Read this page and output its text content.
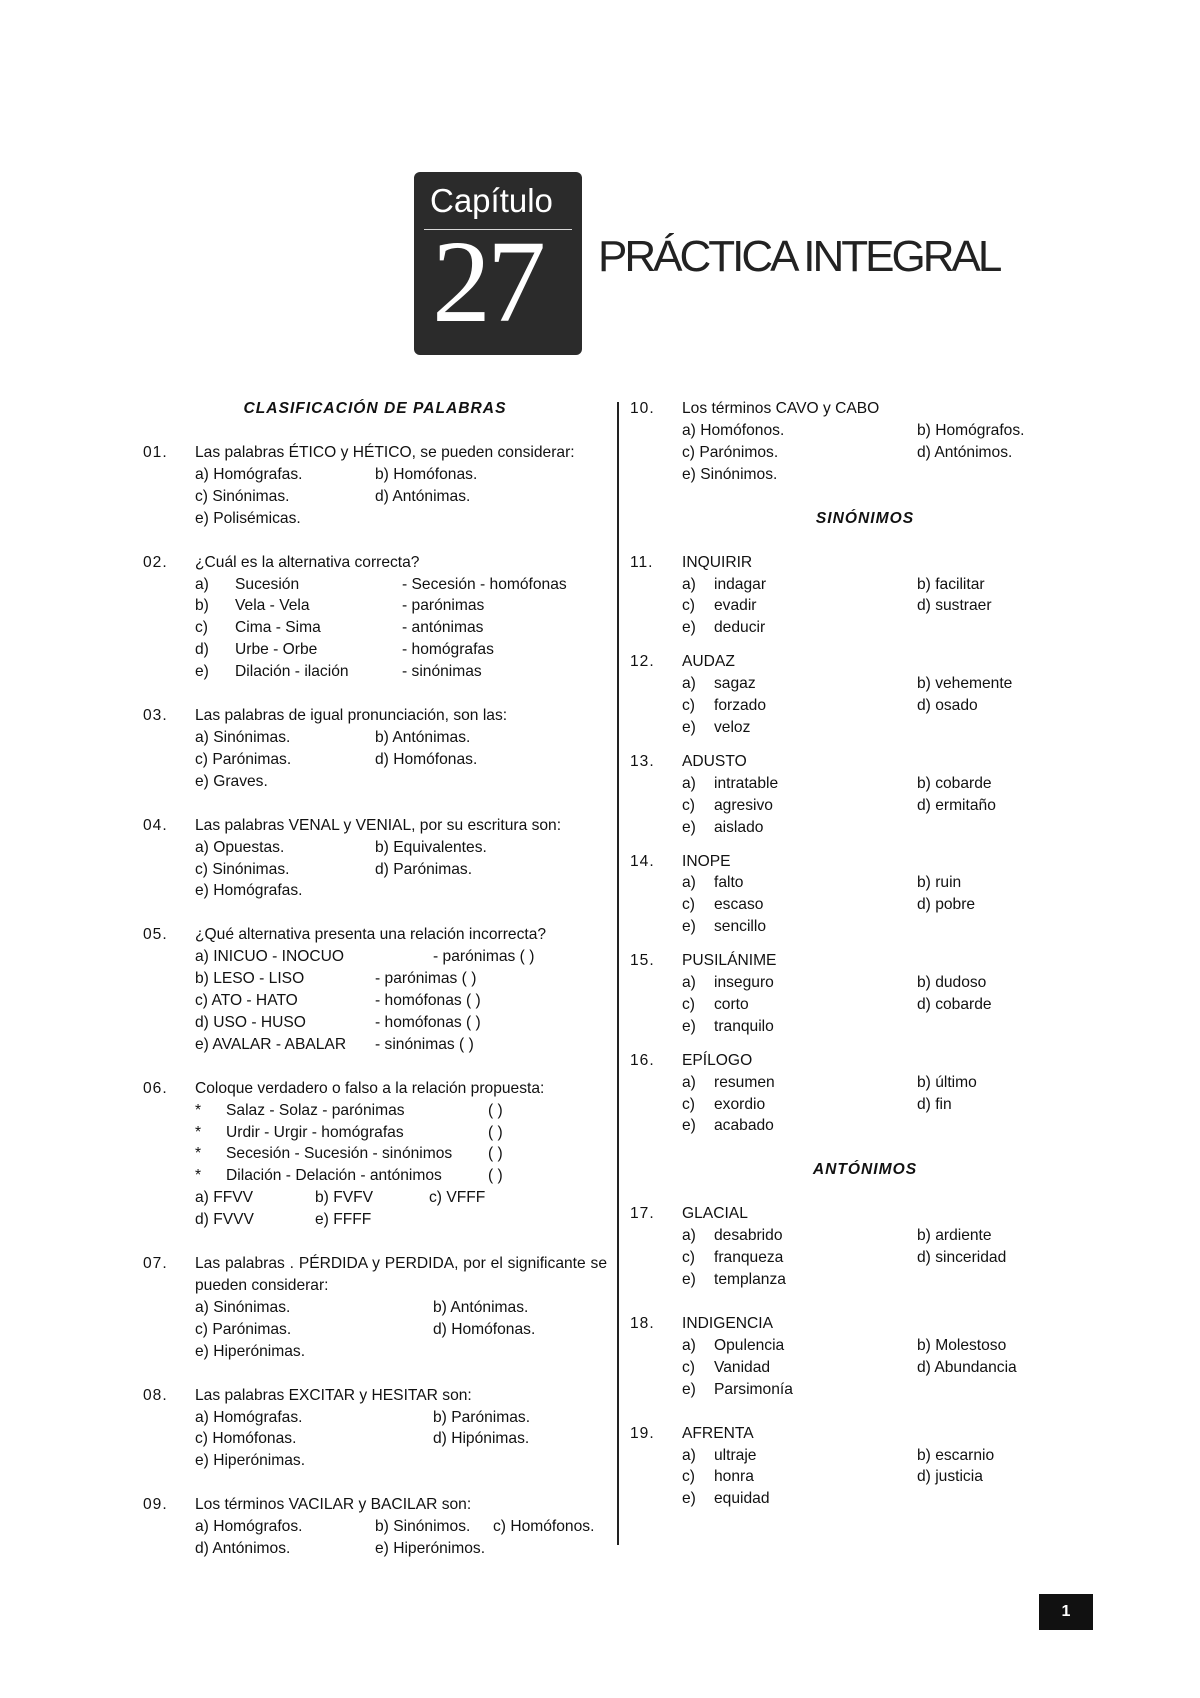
Capítulo
27 PRÁCTICA INTEGRAL
CLASIFICACIÓN DE PALABRAS
01.	Las palabras ÉTICO y HÉTICO, se pueden considerar:
a) Homógrafas.	b) Homófonas.
c) Sinónimas.	d) Antónimas.
e) Polisémicas.
02.	¿Cuál es la alternativa correcta?
a)	Sucesión	- Secesión - homófonas
b)	Vela - Vela	- parónimas
c)	Cima - Sima	- antónimas
d)	Urbe - Orbe	- homógrafas
e)	Dilación - ilación	- sinónimas
03.	Las palabras de igual pronunciación, son las:
a) Sinónimas.	b) Antónimas.
c) Parónimas.	d) Homófonas.
e) Graves.
04.	Las palabras VENAL y VENIAL, por su escritura son:
a) Opuestas.	b) Equivalentes.
c) Sinónimas.	d) Parónimas.
e) Homógrafas.
05.	¿Qué alternativa presenta una relación incorrecta?
a) INICUO - INOCUO	- parónimas ( )
b) LESO - LISO	- parónimas ( )
c) ATO - HATO	- homófonas ( )
d) USO - HUSO	- homófonas ( )
e) AVALAR - ABALAR	- sinónimas ( )
06.	Coloque verdadero o falso a la relación propuesta:
*	Salaz - Solaz - parónimas	( )
*	Urdir - Urgir - homógrafas	( )
*	Secesión - Sucesión - sinónimos	( )
*	Dilación - Delación - antónimos	( )
a) FFVV	b) FVFV	c) VFFF
d) FVVV	e) FFFF
07.	Las palabras . PÉRDIDA y PERDIDA, por el significante se pueden considerar:
a) Sinónimas.	b) Antónimas.
c) Parónimas.	d) Homófonas.
e) Hiperónimas.
08.	Las palabras EXCITAR y HESITAR son:
a) Homógrafas.	b) Parónimas.
c) Homófonas.	d) Hipónimas.
e) Hiperónimas.
09.	Los términos VACILAR y BACILAR son:
a) Homógrafos.	b) Sinónimos.	c) Homófonos.
d) Antónimos.	e) Hiperónimos.
10.	Los términos CAVO y CABO
a) Homófonos.	b) Homógrafos.
c) Parónimos.	d) Antónimos.
e) Sinónimos.
SINÓNIMOS
11.	INQUIRIR
a)	indagar	b) facilitar
c)	evadir	d) sustraer
e)	deducir
12.	AUDAZ
a)	sagaz	b) vehemente
c)	forzado	d) osado
e)	veloz
13.	ADUSTO
a)	intratable	b) cobarde
c)	agresivo	d) ermitaño
e)	aislado
14.	INOPE
a)	falto	b) ruin
c)	escaso	d) pobre
e)	sencillo
15.	PUSILÁNIME
a)	inseguro	b) dudoso
c)	corto	d) cobarde
e)	tranquilo
16.	EPÍLOGO
a)	resumen	b) último
c)	exordio	d) fin
e)	acabado
ANTÓNIMOS
17.	GLACIAL
a)	desabrido	b) ardiente
c)	franqueza	d) sinceridad
e)	templanza
18.	INDIGENCIA
a)	Opulencia	b) Molestoso
c)	Vanidad	d) Abundancia
e)	Parsimonía
19.	AFRENTA
a)	ultraje	b) escarnio
c)	honra	d) justicia
e)	equidad
1
